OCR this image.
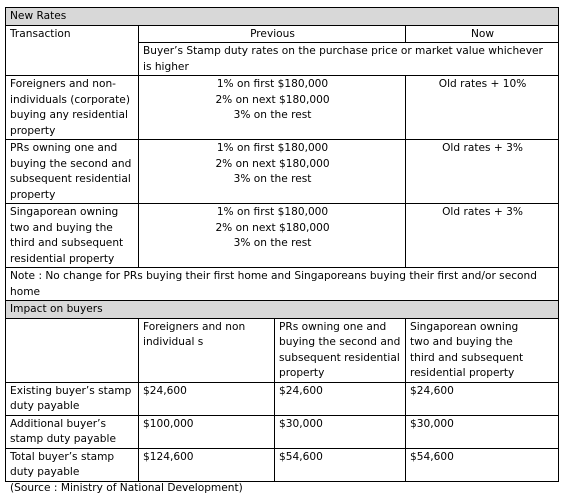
New Rates			
Transaction	Previous		Now

	Buyer’s Stamp duty rates on the purchase price or market value whichever
is higher		

Foreigners and non-
individuals (corporate)
buying any residential
property	1% on first $180,000
2% on next $180,000
3% on the rest		Old rates + 10%

PRs owning one and
buying the second and
subsequent residential
property	1% on first $180,000
2% on next $180,000
3% on the rest		Old rates + 3%

Singaporean owning
two and buying the
third and subsequent
residential property	1% on first $180,000
2% on next $180,000
3% on the rest		Old rates + 3%

Note : No change for PRs buying their first home and Singaporeans buying their first and/or second
home			

Impact on buyers			

	Foreigners and non
individual s	PRs owning one and
buying the second and
subsequent residential
property	Singaporean owning
two and buying the
third and subsequent
residential property

Existing buyer’s stamp
duty payable	$24,600	$24,600	$24,600

Additional buyer’s
stamp duty payable	$100,000	$30,000	$30,000

Total buyer’s stamp
duty payable	$124,600	$54,600	$54,600
(Source : Ministry of National Development)
